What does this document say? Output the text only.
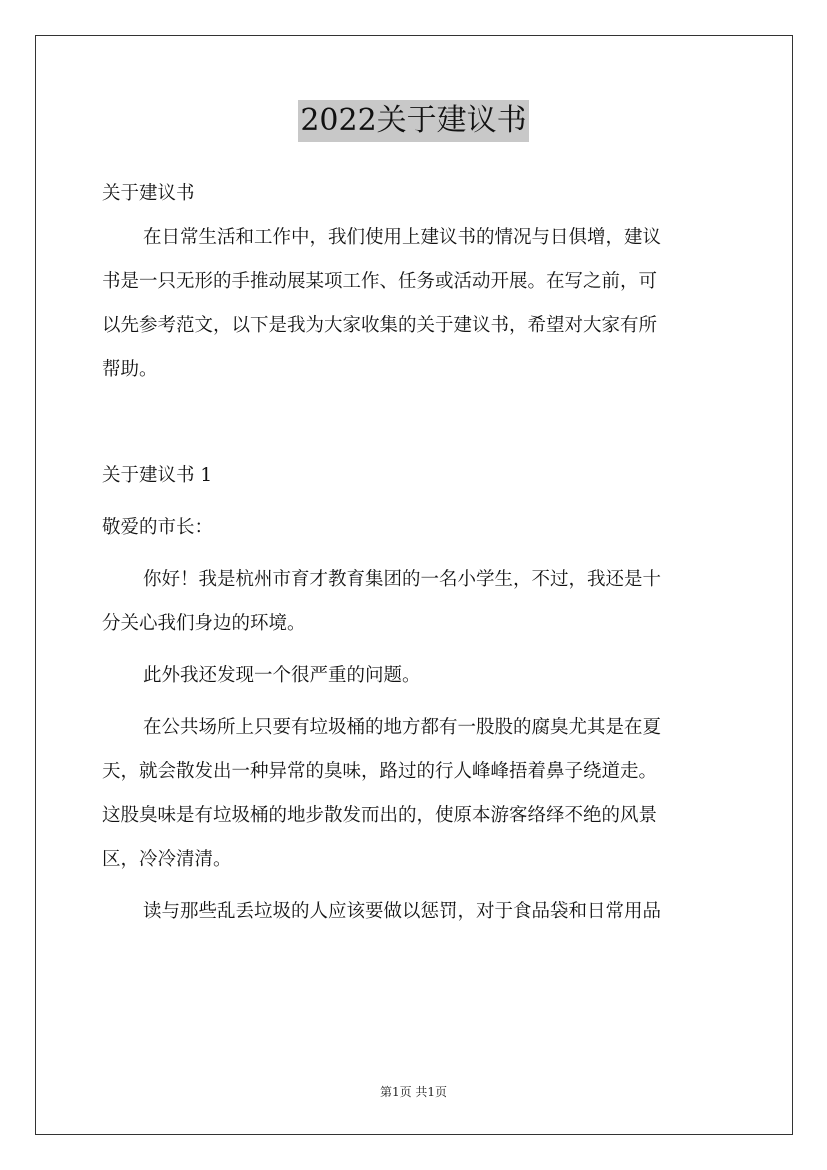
2022关于建议书
关于建议书
在日常生活和工作中，我们使用上建议书的情况与日俱增，建议
书是一只无形的手推动展某项工作、任务或活动开展。在写之前，可
以先参考范文，以下是我为大家收集的关于建议书，希望对大家有所
帮助。
关于建议书 1
敬爱的市长：
你好！我是杭州市育才教育集团的一名小学生，不过，我还是十
分关心我们身边的环境。
此外我还发现一个很严重的问题。
在公共场所上只要有垃圾桶的地方都有一股股的腐臭尤其是在夏
天，就会散发出一种异常的臭味，路过的行人峰峰捂着鼻子绕道走。
这股臭味是有垃圾桶的地步散发而出的，使原本游客络绎不绝的风景
区，冷冷清清。
读与那些乱丢垃圾的人应该要做以惩罚，对于食品袋和日常用品
第1页 共1页
